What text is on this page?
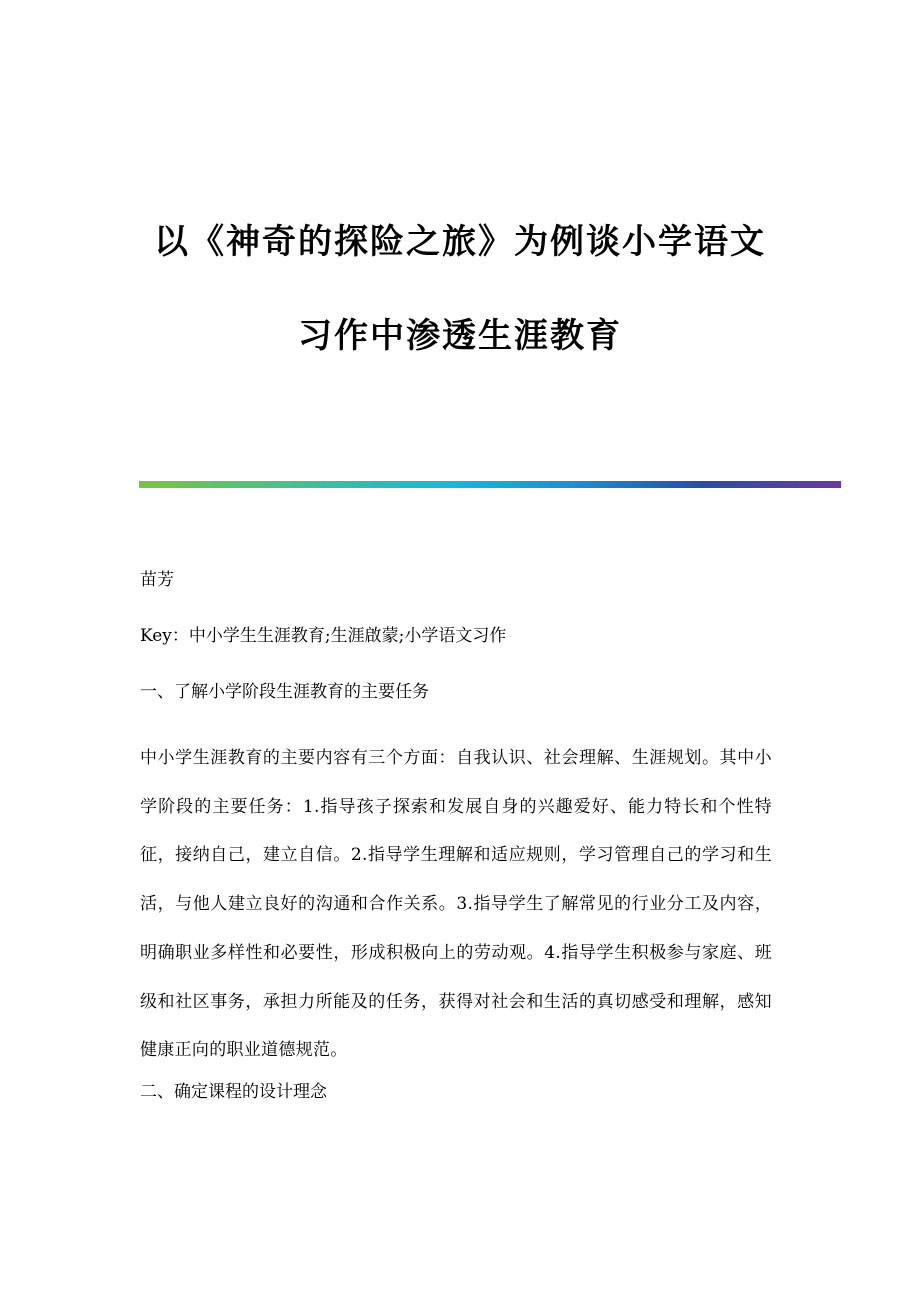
以《神奇的探险之旅》为例谈小学语文
习作中渗透生涯教育
苗芳
Key：中小学生生涯教育;生涯啟蒙;小学语文习作
一、了解小学阶段生涯教育的主要任务
中小学生涯教育的主要内容有三个方面：自我认识、社会理解、生涯规划。其中小学阶段的主要任务：1.指导孩子探索和发展自身的兴趣爱好、能力特长和个性特征，接纳自己，建立自信。2.指导学生理解和适应规则，学习管理自己的学习和生活，与他人建立良好的沟通和合作关系。3.指导学生了解常见的行业分工及内容，明确职业多样性和必要性，形成积极向上的劳动观。4.指导学生积极参与家庭、班级和社区事务，承担力所能及的任务，获得对社会和生活的真切感受和理解，感知健康正向的职业道德规范。
二、确定课程的设计理念
